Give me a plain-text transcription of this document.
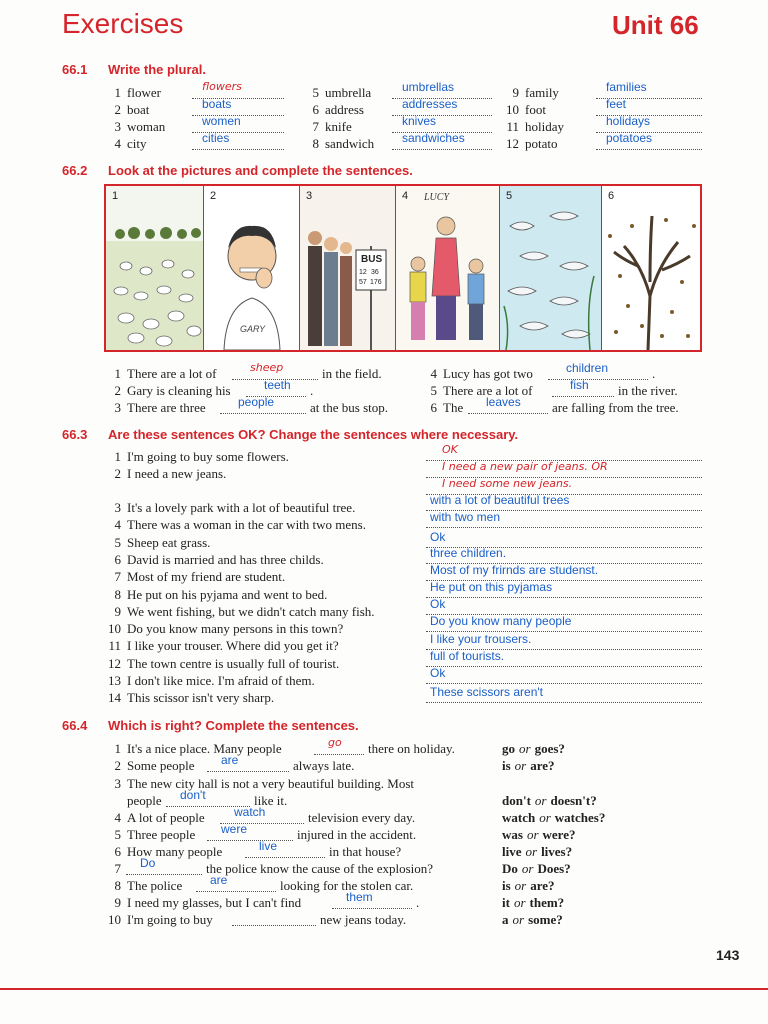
Exercises	Unit 66
66.1 Write the plural.
1 flower	flowers
2 boat	boats
3 woman	women
4 city	cities
5 umbrella	umbrellas
6 address	addresses
7 knife	knives
8 sandwich	sandwiches
9 family	families
10 foot	feet
11 holiday	holidays
12 potato	potatoes
66.2 Look at the pictures and complete the sentences.
1	2
GARY
3
BUS
12 36
57 176
4 LUCY	5	6
1 There are a lot of	sheep	in the field.
2 Gary is cleaning his	teeth .
3 There are three	people	at the bus stop.
4 Lucy has got two	children	.
5 There are a lot of	fish in the river.
6 The leaves are falling from the tree.
66.3 Are these sentences OK? Change the sentences where necessary.
1 I'm going to buy some flowers.	OK
2 I need a new jeans.	I need a new pair of jeans. OR
I need some new jeans.
3 It's a lovely park with a lot of beautiful tree.	with a lot of beautiful trees
4 There was a woman in the car with two mens.	with two men
5 Sheep eat grass.	Ok
6 David is married and has three childs.	three children.
7 Most of my friend are student.	Most of my frirnds are studenst.
8 He put on his pyjama and went to bed.	He put on this pyjamas
9 We went fishing, but we didn't catch many fish.	Ok
10 Do you know many persons in this town?	Do you know many people
11 I like your trouser. Where did you get it?	I like your trousers.
12 The town centre is usually full of tourist.	full of tourists.
13 I don't like mice. I'm afraid of them.	Ok
14 This scissor isn't very sharp.	These scissors aren't
66.4 Which is right? Complete the sentences.
1 It's a nice place. Many people	go there on holiday.	go or goes?
2 Some people are	always late.	is or are?
3 The new city hall is not a very beautiful building. Most
people don't	like it.	don't or doesn't?
4 A lot of people watch	television every day.	watch or watches?
5 Three people were	injured in the accident.	was or were?
6 How many people	live	in that house?	live or lives?
7	Do	the police know the cause of the explosion?	Do or Does?
8 The police are	looking for the stolen car.	is or are?
9 I need my glasses, but I can't find	them	.	it or them?
10 I'm going to buy	new jeans today.	a or some?
143
